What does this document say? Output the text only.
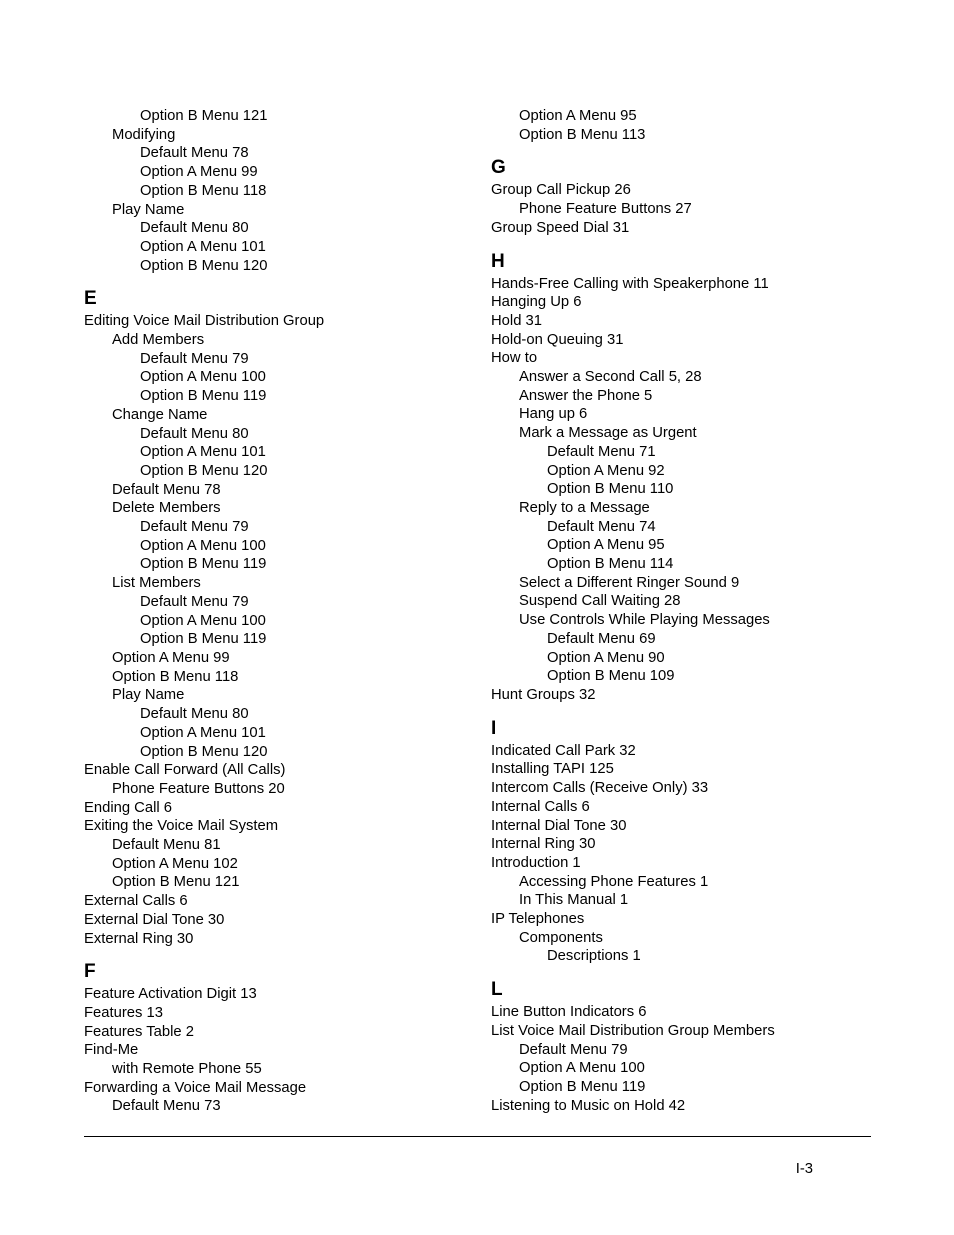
Option B Menu 121
Modifying
Default Menu 78
Option A Menu 99
Option B Menu 118
Play Name
Default Menu 80
Option A Menu 101
Option B Menu 120
E
Editing Voice Mail Distribution Group
Add Members
Default Menu 79
Option A Menu 100
Option B Menu 119
Change Name
Default Menu 80
Option A Menu 101
Option B Menu 120
Default Menu 78
Delete Members
Default Menu 79
Option A Menu 100
Option B Menu 119
List Members
Default Menu 79
Option A Menu 100
Option B Menu 119
Option A Menu 99
Option B Menu 118
Play Name
Default Menu 80
Option A Menu 101
Option B Menu 120
Enable Call Forward (All Calls)
Phone Feature Buttons 20
Ending Call 6
Exiting the Voice Mail System
Default Menu 81
Option A Menu 102
Option B Menu 121
External Calls 6
External Dial Tone 30
External Ring 30
F
Feature Activation Digit 13
Features 13
Features Table 2
Find-Me
with Remote Phone 55
Forwarding a Voice Mail Message
Default Menu 73
Option A Menu 95
Option B Menu 113
G
Group Call Pickup 26
Phone Feature Buttons 27
Group Speed Dial 31
H
Hands-Free Calling with Speakerphone 11
Hanging Up 6
Hold 31
Hold-on Queuing 31
How to
Answer a Second Call 5, 28
Answer the Phone 5
Hang up 6
Mark a Message as Urgent
Default Menu 71
Option A Menu 92
Option B Menu 110
Reply to a Message
Default Menu 74
Option A Menu 95
Option B Menu 114
Select a Different Ringer Sound 9
Suspend Call Waiting 28
Use Controls While Playing Messages
Default Menu 69
Option A Menu 90
Option B Menu 109
Hunt Groups 32
I
Indicated Call Park 32
Installing TAPI 125
Intercom Calls (Receive Only) 33
Internal Calls 6
Internal Dial Tone 30
Internal Ring 30
Introduction 1
Accessing Phone Features 1
In This Manual 1
IP Telephones
Components
Descriptions 1
L
Line Button Indicators 6
List Voice Mail Distribution Group Members
Default Menu 79
Option A Menu 100
Option B Menu 119
Listening to Music on Hold 42
I-3
